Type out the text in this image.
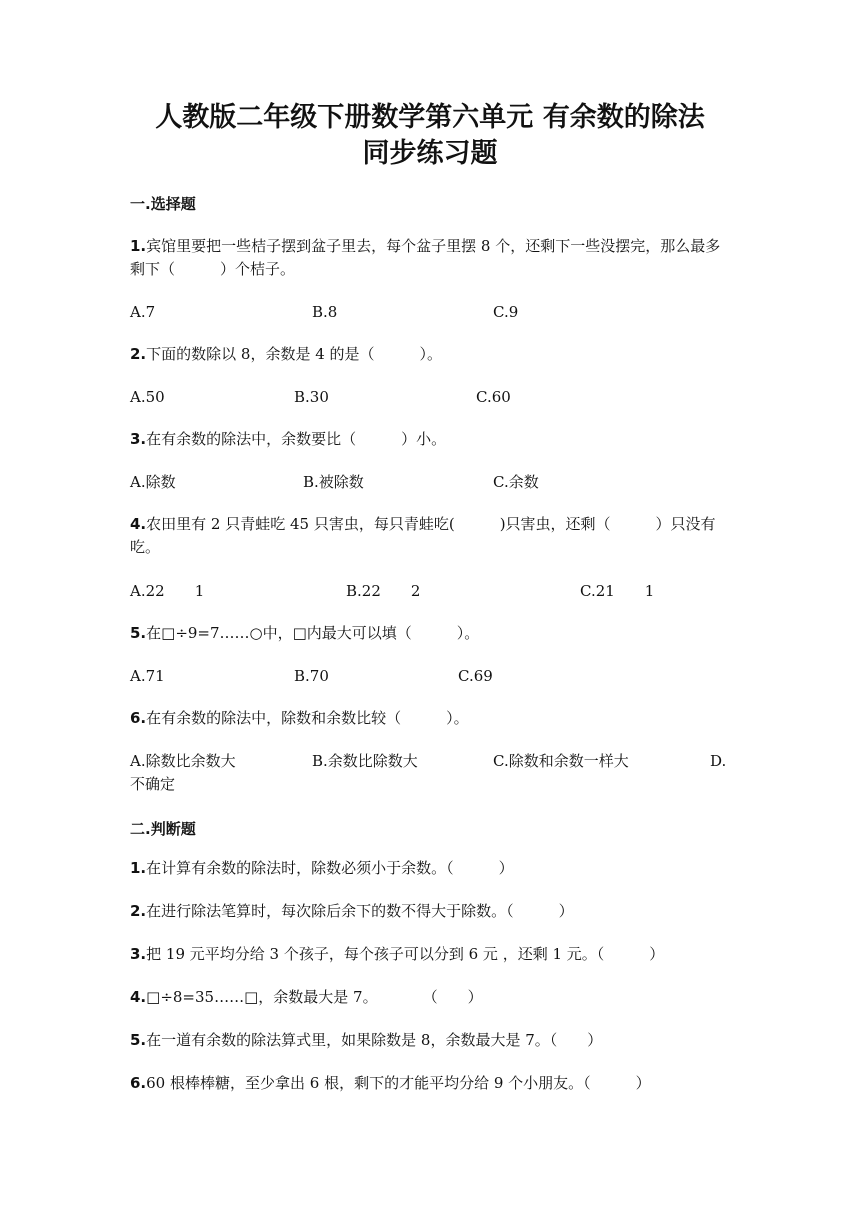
人教版二年级下册数学第六单元 有余数的除法 同步练习题
一.选择题
1.宾馆里要把一些桔子摆到盆子里去，每个盆子里摆 8 个，还剩下一些没摆完，那么最多剩下（　　　）个桔子。
A.7	B.8	C.9
2.下面的数除以 8，余数是 4 的是（　　　）。
A.50	B.30	C.60
3.在有余数的除法中，余数要比（　　　）小。
A.除数	B.被除数	C.余数
4.农田里有 2 只青蛙吃 45 只害虫，每只青蛙吃(　　　)只害虫，还剩（　　　）只没有吃。
A.22　　1	B.22　　2	C.21　　1
5.在□÷9=7……○中，□内最大可以填（　　　）。
A.71	B.70	C.69
6.在有余数的除法中，除数和余数比较（　　　）。
A.除数比余数大	B.余数比除数大	C.除数和余数一样大	D.
不确定
二.判断题
1.在计算有余数的除法时，除数必须小于余数。（　　　）
2.在进行除法笔算时，每次除后余下的数不得大于除数。（　　　）
3.把 19 元平均分给 3 个孩子，每个孩子可以分到 6 元 ，还剩 1 元。（　　　）
4.□÷8=35……□，余数最大是 7。　　　　（　　）
5.在一道有余数的除法算式里，如果除数是 8，余数最大是 7。（　　）
6.60 根棒棒糖，至少拿出 6 根，剩下的才能平均分给 9 个小朋友。（　　　）
